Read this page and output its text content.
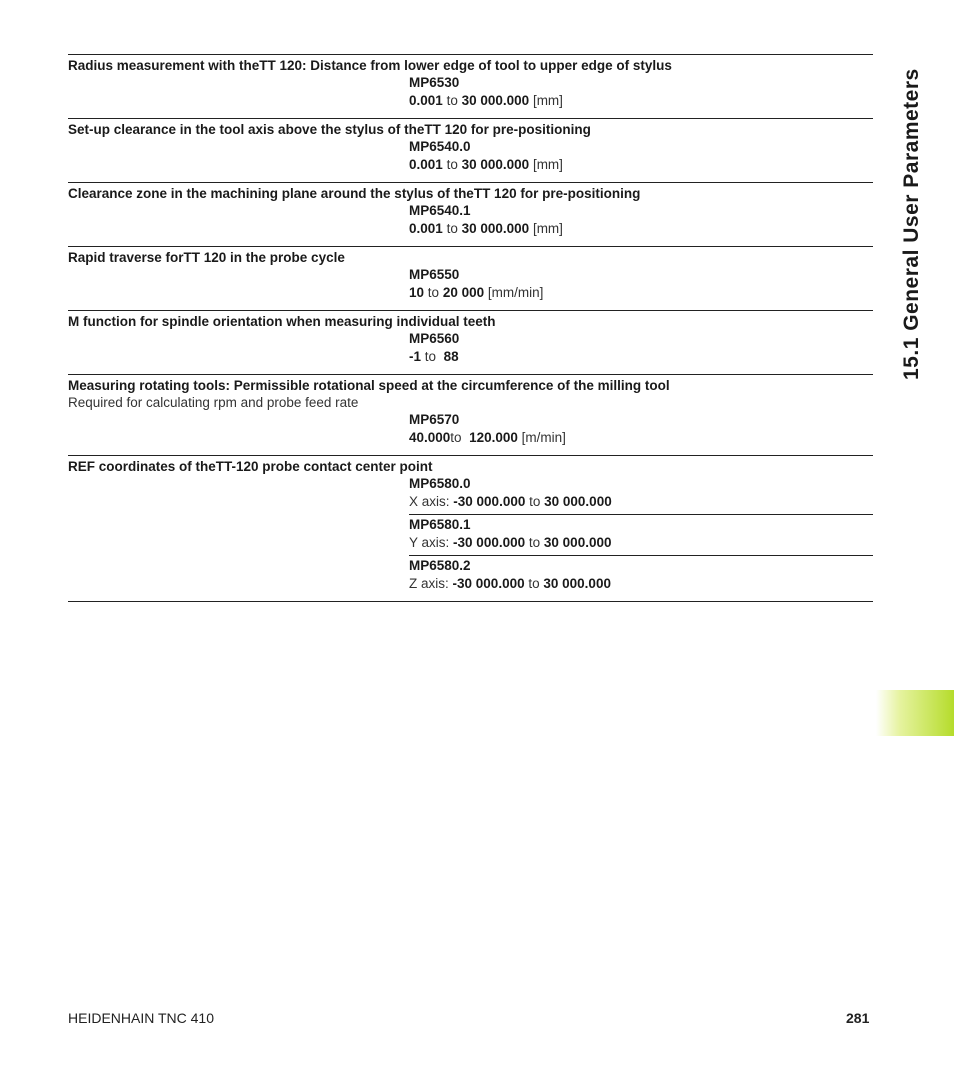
15.1 General User Parameters
Radius measurement with theTT 120: Distance from lower edge of tool to upper edge of stylus
MP6530
0.001 to 30 000.000 [mm]
Set-up clearance in the tool axis above the stylus of theTT 120 for pre-positioning
MP6540.0
0.001 to 30 000.000 [mm]
Clearance zone in the machining plane around the stylus of theTT 120 for pre-positioning
MP6540.1
0.001 to 30 000.000 [mm]
Rapid traverse forTT 120 in the probe cycle
MP6550
10 to 20 000 [mm/min]
M function for spindle orientation when measuring individual teeth
MP6560
-1 to 88
Measuring rotating tools: Permissible rotational speed at the circumference of the milling tool
Required for calculating rpm and probe feed rate
MP6570
40.000to 120.000 [m/min]
REF coordinates of theTT-120 probe contact center point
MP6580.0
X axis: -30 000.000 to 30 000.000
MP6580.1
Y axis: -30 000.000 to 30 000.000
MP6580.2
Z axis: -30 000.000 to 30 000.000
HEIDENHAIN TNC 410	281
